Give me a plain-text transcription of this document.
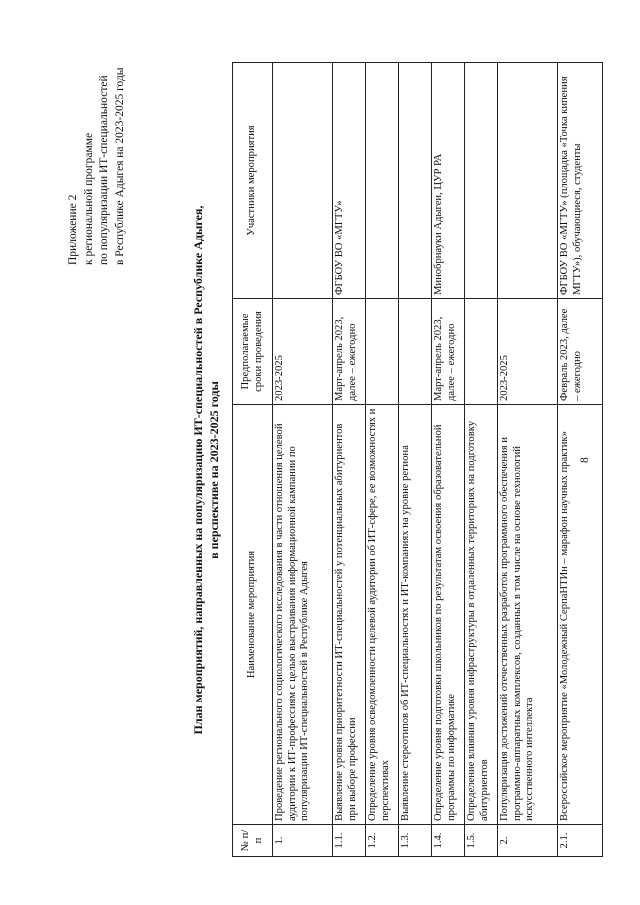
Приложение 2 к региональной программе по популяризации ИТ-специальностей в Республике Адыгея на 2023-2025 годы
План мероприятий, направленных на популяризацию ИТ-специальностей в Республике Адыгея, в перспективе на 2023-2025 годы
№ п/п	Наименование мероприятия	Предполагаемые сроки проведения	Участники мероприятия
1.	Проведение регионального социологического исследования в части отношения целевой аудитории к ИТ-профессиям с целью выстраивания информационной кампании по популяризации ИТ-специальностей в Республике Адыгея	2023-2025	
1.1.	Выявление уровня приоритетности ИТ-специальностей у потенциальных абитуриентов при выборе профессии	Март-апрель 2023, далее – ежегодно	ФГБОУ ВО «МГТУ»
1.2.	Определение уровня осведомленности целевой аудитории об ИТ-сфере, ее возможностях и перспективах		
1.3.	Выявление стереотипов об ИТ-специальностях и ИТ-компаниях на уровне региона		
1.4.	Определение уровня подготовки школьников по результатам освоения образовательной программы по информатике	Март-апрель 2023, далее – ежегодно	Минобрнауки Адыгеи, ЦУР РА
1.5.	Определение влияния уровня инфраструктуры в отдаленных территориях на подготовку абитуриентов		
2.	Популяризация достижений отечественных разработок программного обеспечения и программно-аппаратных комплексов, созданных в том числе на основе технологий искусственного интеллекта	2023-2025	
2.1.	Всероссийское мероприятие «Молодежный СерпаНТИн – марафон научных практик»	Февраль 2023, далее – ежегодно	ФГБОУ ВО «МГТУ» (площадка «Точка кипения МГТУ»), обучающиеся, студенты
8
